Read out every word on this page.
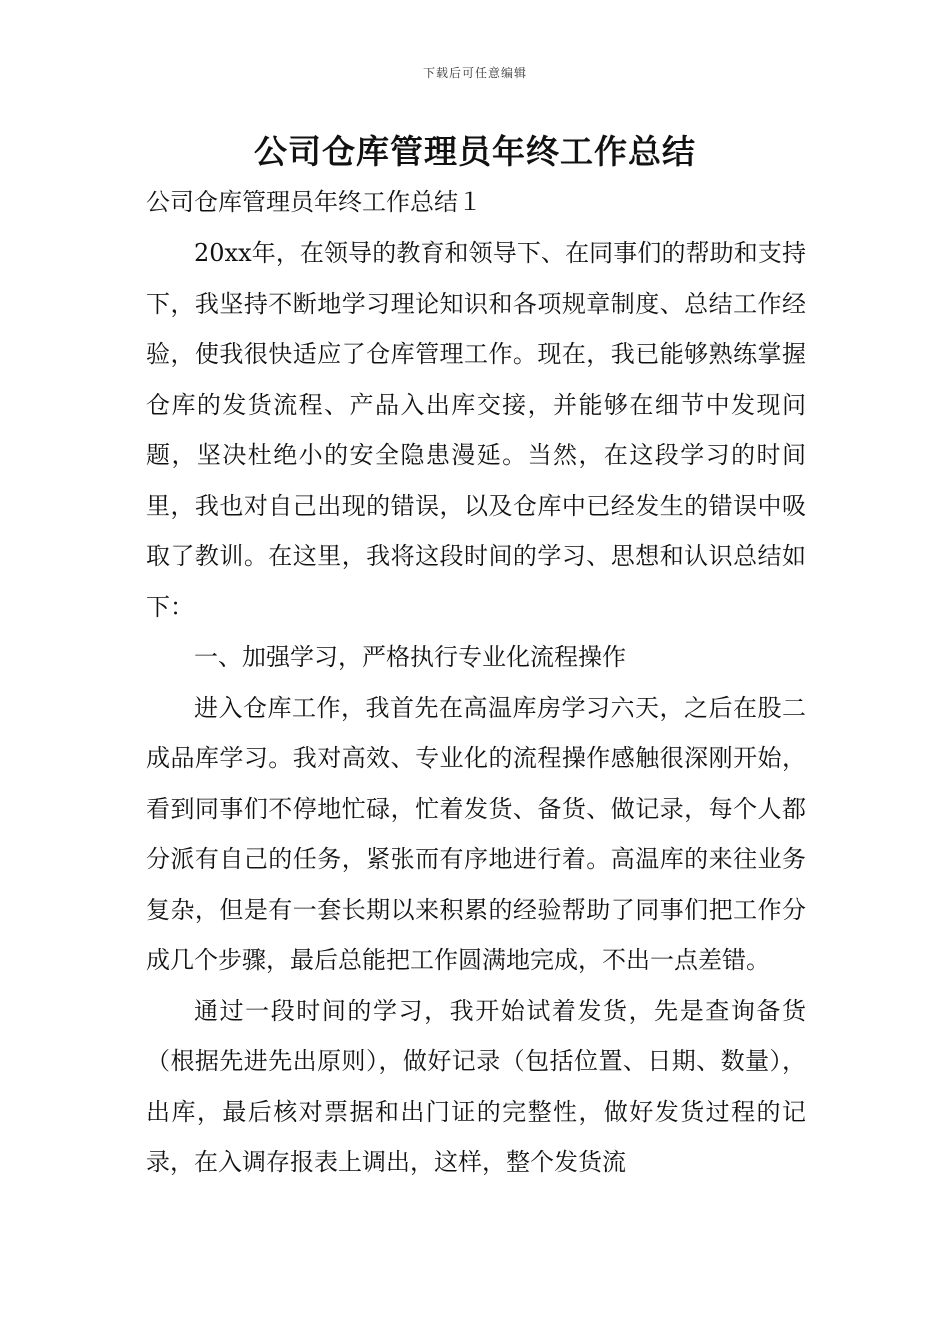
下载后可任意编辑
公司仓库管理员年终工作总结

公司仓库管理员年终工作总结１

20xx年，在领导的教育和领导下、在同事们的帮助和支持下，我坚持不断地学习理论知识和各项规章制度、总结工作经验，使我很快适应了仓库管理工作。现在，我已能够熟练掌握仓库的发货流程、产品入出库交接，并能够在细节中发现问题，坚决杜绝小的安全隐患漫延。当然，在这段学习的时间里，我也对自己出现的错误，以及仓库中已经发生的错误中吸取了教训。在这里，我将这段时间的学习、思想和认识总结如下：

一、加强学习，严格执行专业化流程操作

进入仓库工作，我首先在高温库房学习六天，之后在股二成品库学习。我对高效、专业化的流程操作感触很深刚开始，看到同事们不停地忙碌，忙着发货、备货、做记录，每个人都分派有自己的任务，紧张而有序地进行着。高温库的来往业务复杂，但是有一套长期以来积累的经验帮助了同事们把工作分成几个步骤，最后总能把工作圆满地完成，不出一点差错。

通过一段时间的学习，我开始试着发货，先是查询备货（根据先进先出原则），做好记录（包括位置、日期、数量），出库，最后核对票据和出门证的完整性，做好发货过程的记录，在入调存报表上调出，这样，整个发货流
